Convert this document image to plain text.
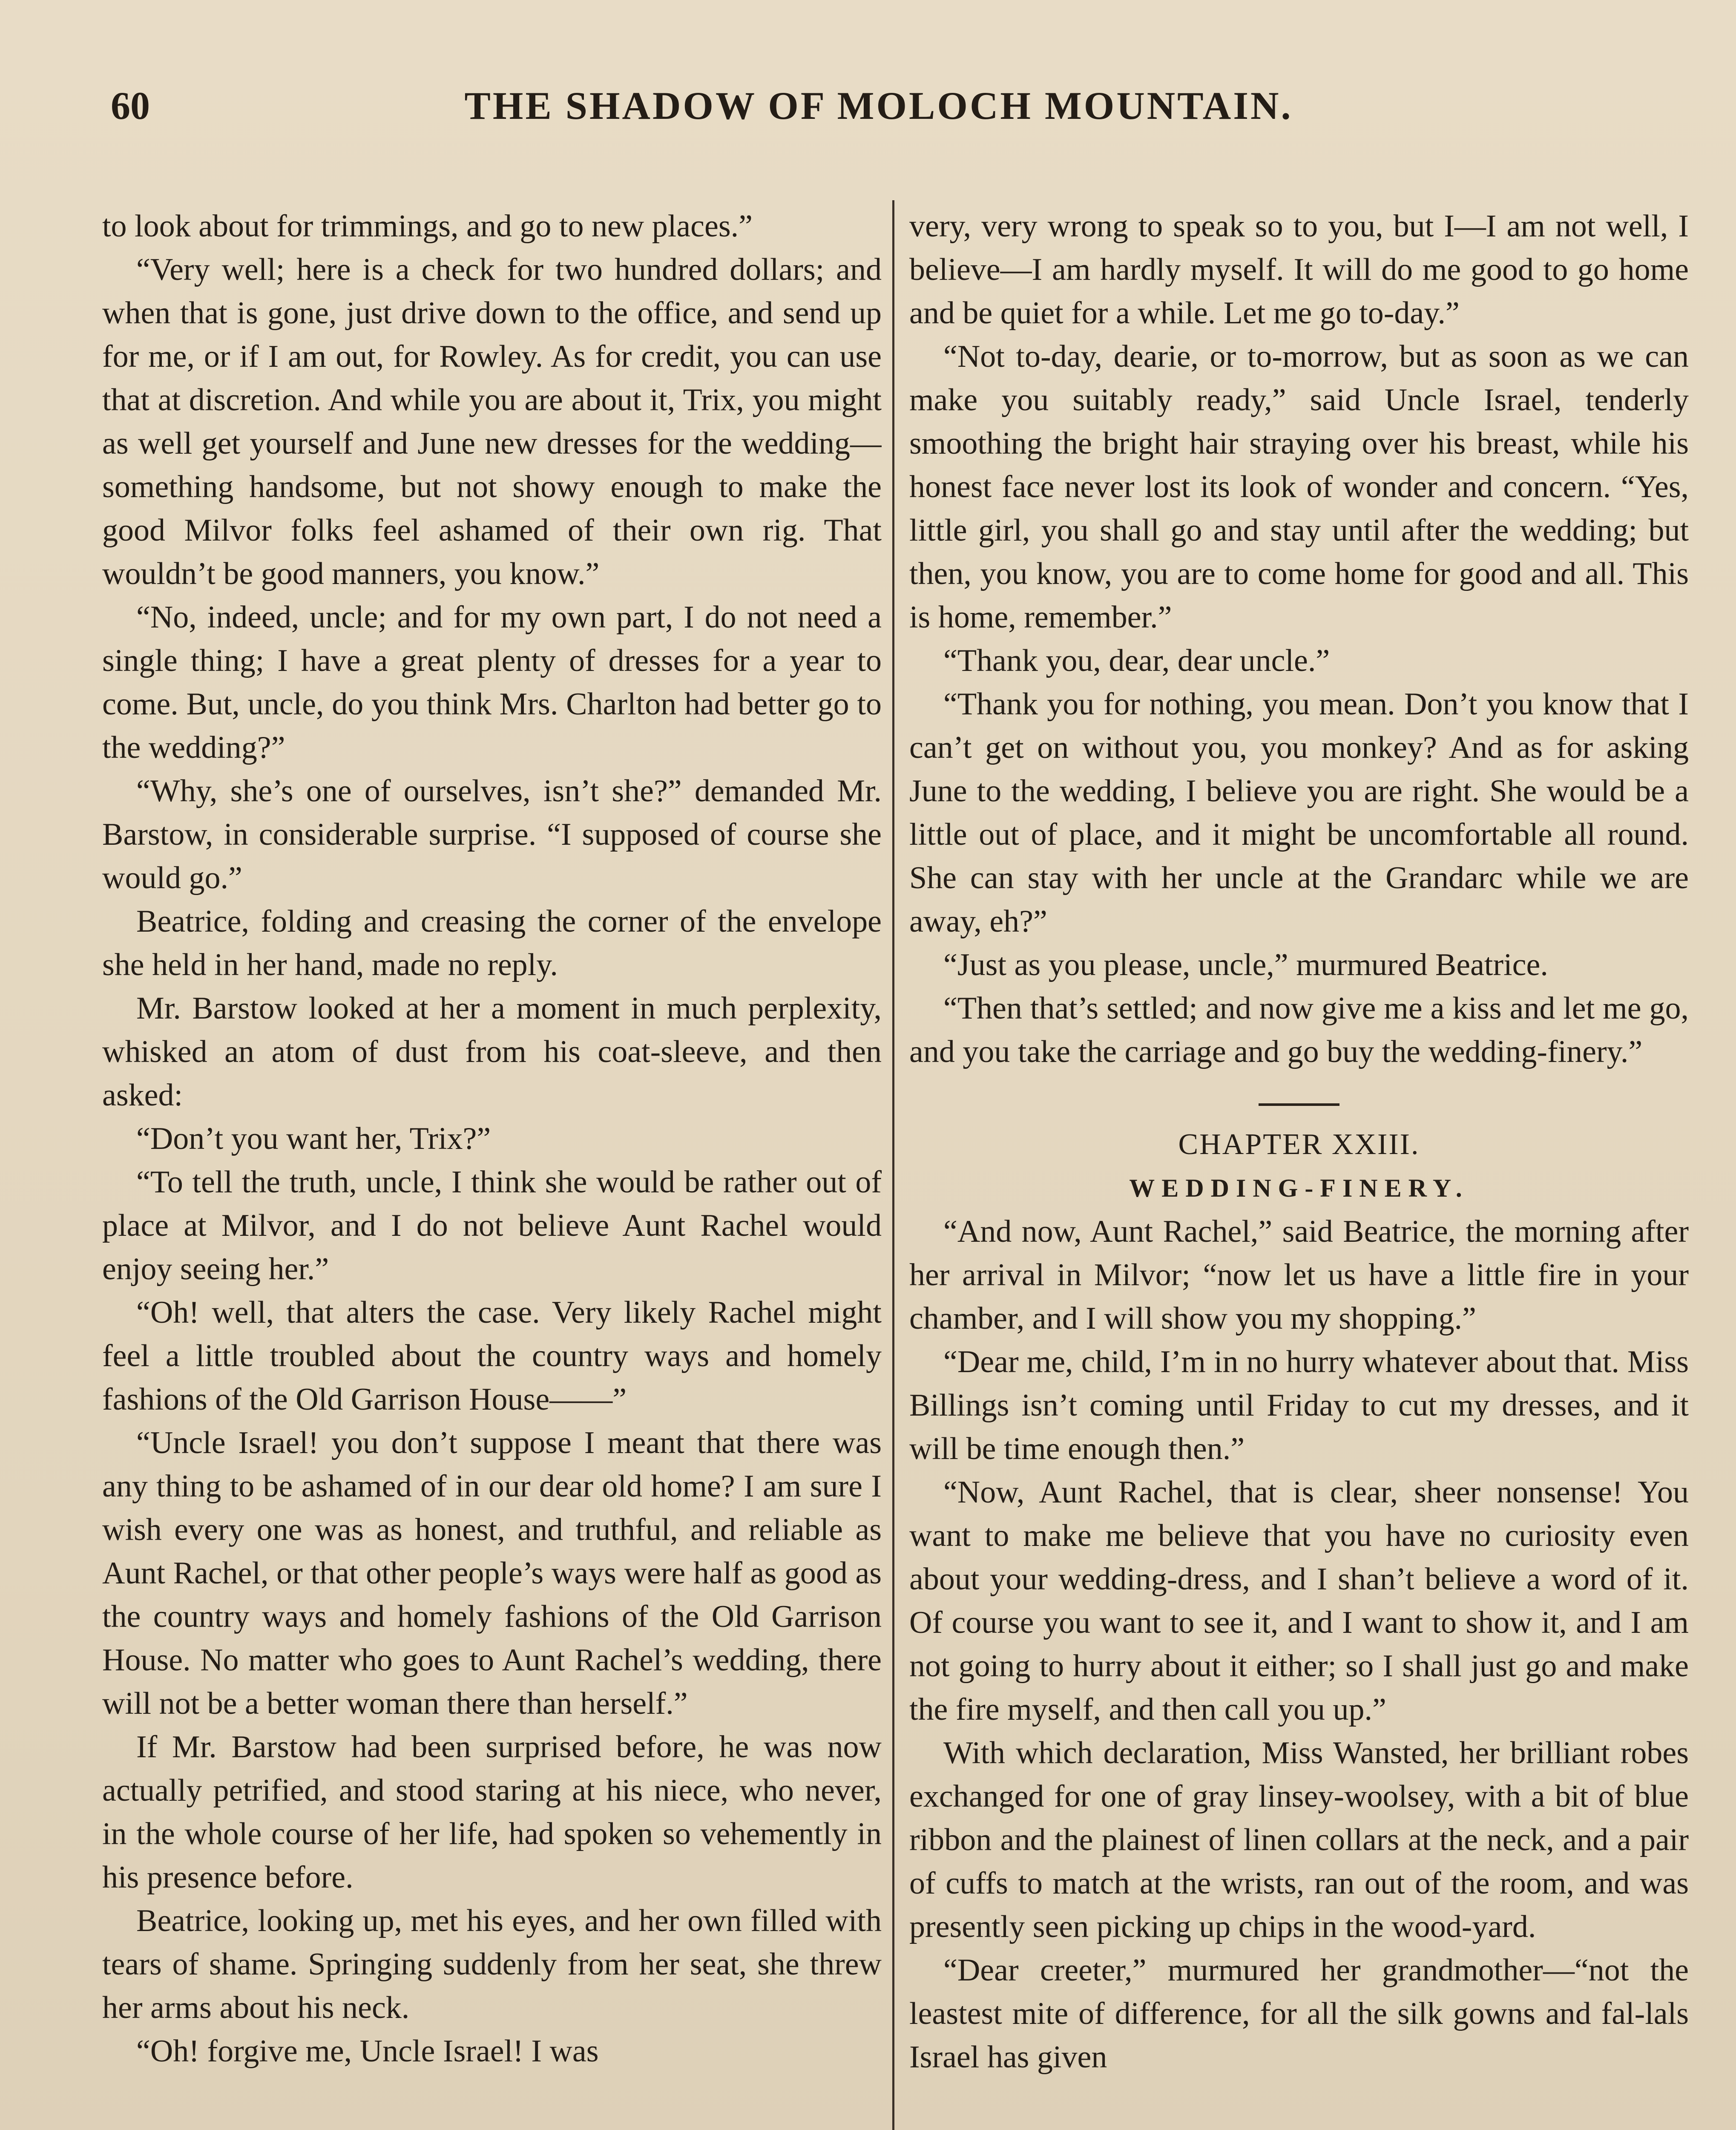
60	THE SHADOW OF MOLOCH MOUNTAIN.

to look about for trimmings, and go to new places.”

“Very well; here is a check for two hundred dollars; and when that is gone, just drive down to the office, and send up for me, or if I am out, for Rowley. As for credit, you can use that at discretion. And while you are about it, Trix, you might as well get yourself and June new dresses for the wedding—something handsome, but not showy enough to make the good Milvor folks feel ashamed of their own rig. That wouldn’t be good manners, you know.”

“No, indeed, uncle; and for my own part, I do not need a single thing; I have a great plenty of dresses for a year to come. But, uncle, do you think Mrs. Charlton had better go to the wedding?”

“Why, she’s one of ourselves, isn’t she?” demanded Mr. Barstow, in considerable surprise. “I supposed of course she would go.”

Beatrice, folding and creasing the corner of the envelope she held in her hand, made no reply.

Mr. Barstow looked at her a moment in much perplexity, whisked an atom of dust from his coat-sleeve, and then asked:

“Don’t you want her, Trix?”

“To tell the truth, uncle, I think she would be rather out of place at Milvor, and I do not believe Aunt Rachel would enjoy seeing her.”

“Oh! well, that alters the case. Very likely Rachel might feel a little troubled about the country ways and homely fashions of the Old Garrison House——”

“Uncle Israel! you don’t suppose I meant that there was any thing to be ashamed of in our dear old home? I am sure I wish every one was as honest, and truthful, and reliable as Aunt Rachel, or that other people’s ways were half as good as the country ways and homely fashions of the Old Garrison House. No matter who goes to Aunt Rachel’s wedding, there will not be a better woman there than herself.”

If Mr. Barstow had been surprised before, he was now actually petrified, and stood staring at his niece, who never, in the whole course of her life, had spoken so vehemently in his presence before.

Beatrice, looking up, met his eyes, and her own filled with tears of shame. Springing suddenly from her seat, she threw her arms about his neck.

“Oh! forgive me, Uncle Israel! I was

very, very wrong to speak so to you, but I—I am not well, I believe—I am hardly myself. It will do me good to go home and be quiet for a while. Let me go to-day.”

“Not to-day, dearie, or to-morrow, but as soon as we can make you suitably ready,” said Uncle Israel, tenderly smoothing the bright hair straying over his breast, while his honest face never lost its look of wonder and concern. “Yes, little girl, you shall go and stay until after the wedding; but then, you know, you are to come home for good and all. This is home, remember.”

“Thank you, dear, dear uncle.”

“Thank you for nothing, you mean. Don’t you know that I can’t get on without you, you monkey? And as for asking June to the wedding, I believe you are right. She would be a little out of place, and it might be uncomfortable all round. She can stay with her uncle at the Grandarc while we are away, eh?”

“Just as you please, uncle,” murmured Beatrice.

“Then that’s settled; and now give me a kiss and let me go, and you take the carriage and go buy the wedding-finery.”

CHAPTER XXIII.

WEDDING-FINERY.

“And now, Aunt Rachel,” said Beatrice, the morning after her arrival in Milvor; “now let us have a little fire in your chamber, and I will show you my shopping.”

“Dear me, child, I’m in no hurry whatever about that. Miss Billings isn’t coming until Friday to cut my dresses, and it will be time enough then.”

“Now, Aunt Rachel, that is clear, sheer nonsense! You want to make me believe that you have no curiosity even about your wedding-dress, and I shan’t believe a word of it. Of course you want to see it, and I want to show it, and I am not going to hurry about it either; so I shall just go and make the fire myself, and then call you up.”

With which declaration, Miss Wansted, her brilliant robes exchanged for one of gray linsey-woolsey, with a bit of blue ribbon and the plainest of linen collars at the neck, and a pair of cuffs to match at the wrists, ran out of the room, and was presently seen picking up chips in the wood-yard.

“Dear creeter,” murmured her grandmother—“not the leastest mite of difference, for all the silk gowns and fal-lals Israel has given
